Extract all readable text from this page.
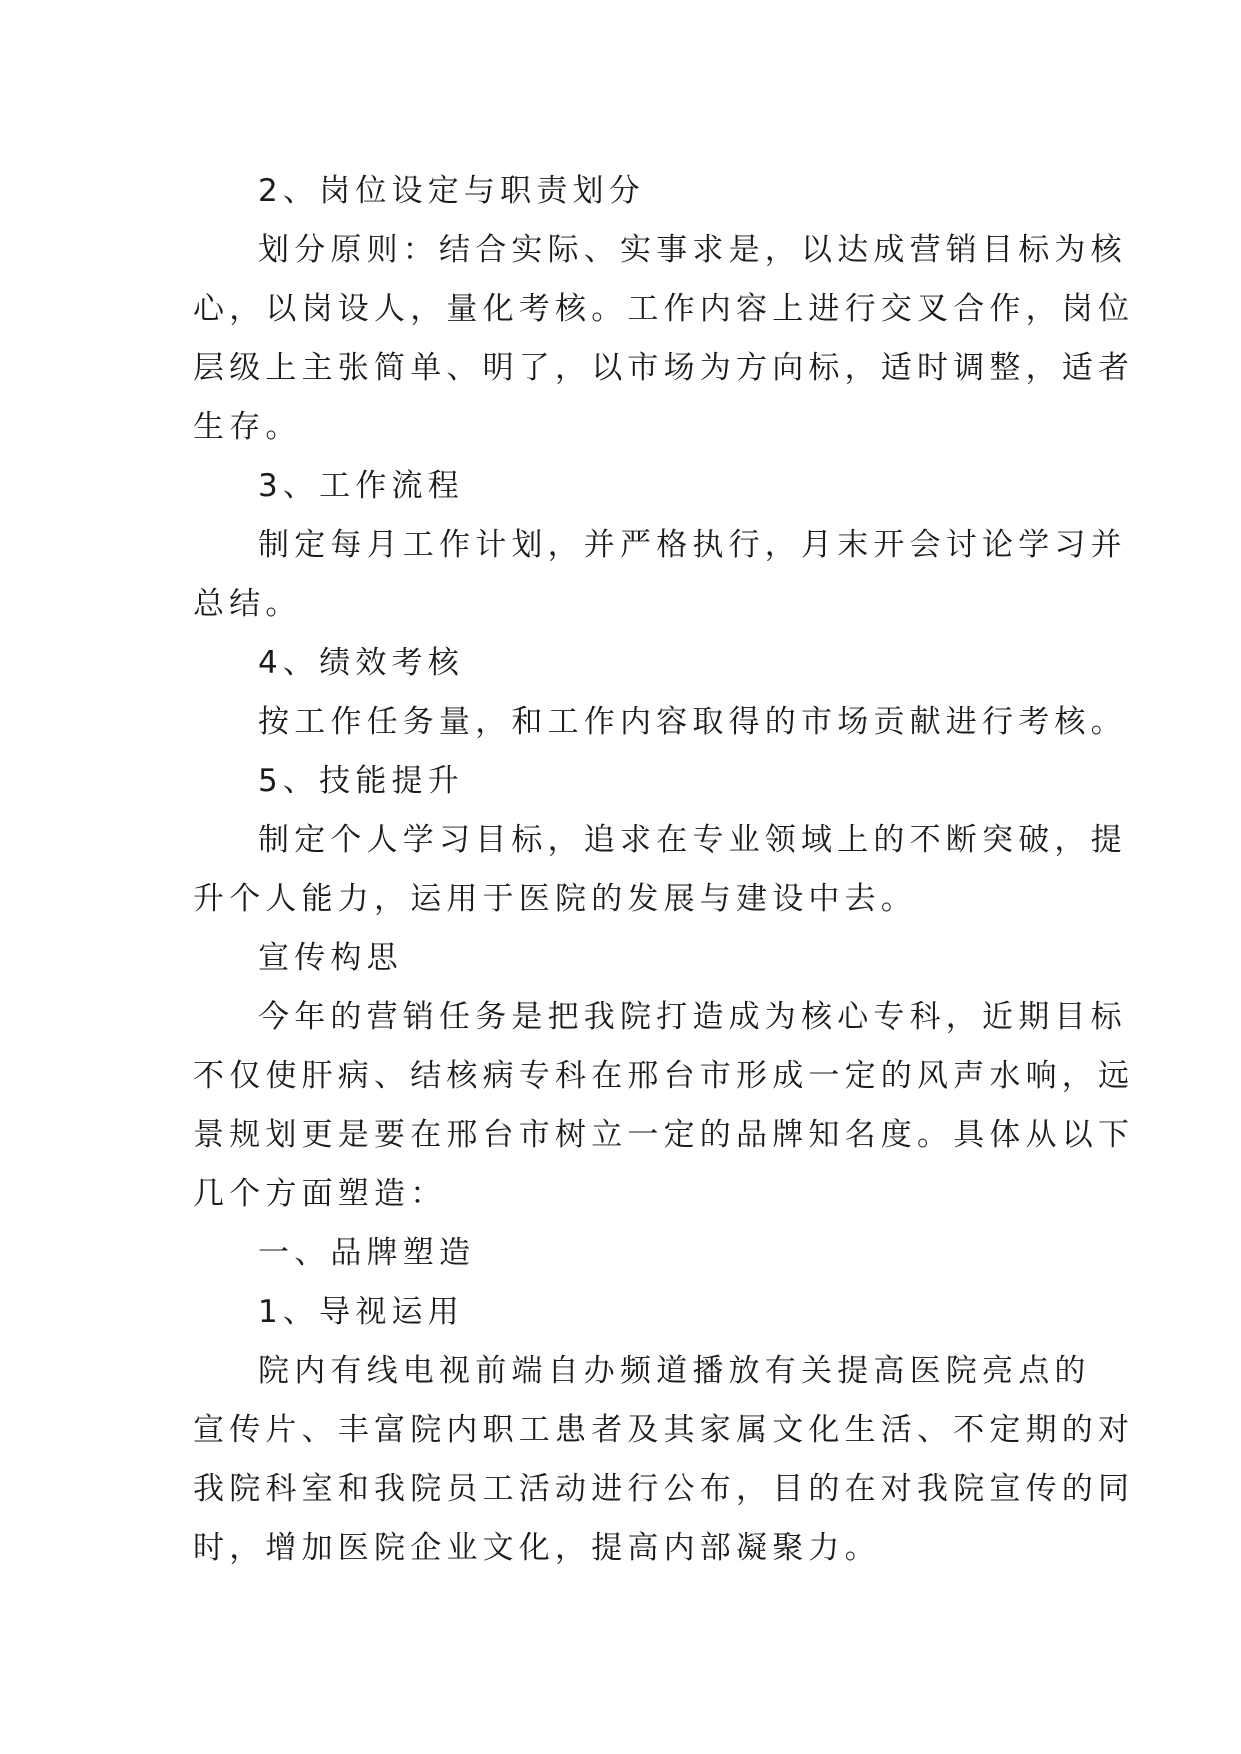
2、岗位设定与职责划分
划分原则：结合实际、实事求是，以达成营销目标为核
心，以岗设人，量化考核。工作内容上进行交叉合作，岗位
层级上主张简单、明了，以市场为方向标，适时调整，适者
生存。
3、工作流程
制定每月工作计划，并严格执行，月末开会讨论学习并
总结。
4、绩效考核
按工作任务量，和工作内容取得的市场贡献进行考核。
5、技能提升
制定个人学习目标，追求在专业领域上的不断突破，提
升个人能力，运用于医院的发展与建设中去。
宣传构思
今年的营销任务是把我院打造成为核心专科，近期目标
不仅使肝病、结核病专科在邢台市形成一定的风声水响，远
景规划更是要在邢台市树立一定的品牌知名度。具体从以下
几个方面塑造：
一、品牌塑造
1、导视运用
院内有线电视前端自办频道播放有关提高医院亮点的
宣传片、丰富院内职工患者及其家属文化生活、不定期的对
我院科室和我院员工活动进行公布，目的在对我院宣传的同
时，增加医院企业文化，提高内部凝聚力。
